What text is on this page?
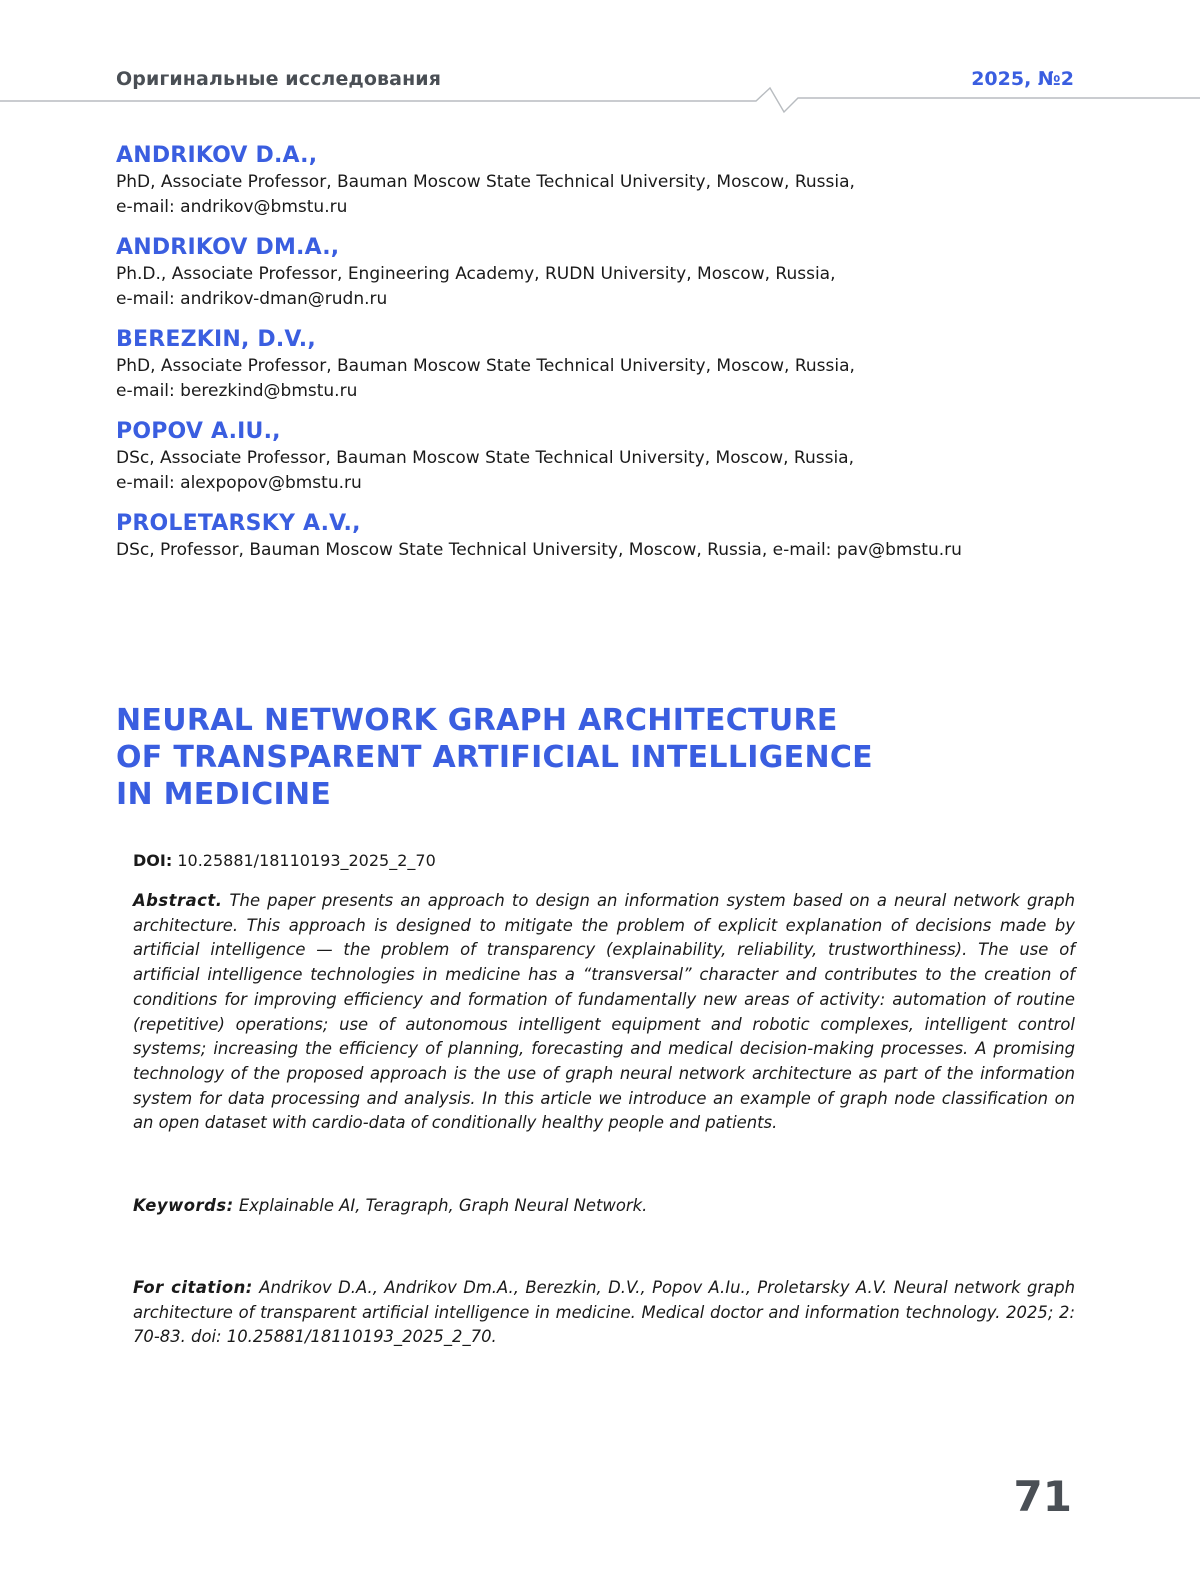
Оригинальные исследования	2025, №2
ANDRIKOV D.A.,
PhD, Associate Professor, Bauman Moscow State Technical University, Moscow, Russia,
e-mail: andrikov@bmstu.ru
ANDRIKOV DM.A.,
Ph.D., Associate Professor, Engineering Academy, RUDN University, Moscow, Russia,
e-mail: andrikov-dman@rudn.ru
BEREZKIN, D.V.,
PhD, Associate Professor, Bauman Moscow State Technical University, Moscow, Russia,
e-mail: berezkind@bmstu.ru
POPOV A.IU.,
DSc, Associate Professor, Bauman Moscow State Technical University, Moscow, Russia,
e-mail: alexpopov@bmstu.ru
PROLETARSKY A.V.,
DSc, Professor, Bauman Moscow State Technical University, Moscow, Russia, e-mail: pav@bmstu.ru
NEURAL NETWORK GRAPH ARCHITECTURE
OF TRANSPARENT ARTIFICIAL INTELLIGENCE
IN MEDICINE
DOI: 10.25881/18110193_2025_2_70
Abstract. The paper presents an approach to design an information system based on a neural network graph architecture. This approach is designed to mitigate the problem of explicit explanation of decisions made by artificial intelligence — the problem of transparency (explainability, reliability, trustworthiness). The use of artificial intelligence technologies in medicine has a “transversal” character and contributes to the creation of conditions for improving efficiency and formation of fundamentally new areas of activity: automation of routine (repetitive) operations; use of autonomous intelligent equipment and robotic complexes, intelligent control systems; increasing the efficiency of planning, forecasting and medical decision-making processes. A promising technology of the proposed approach is the use of graph neural network architecture as part of the information system for data processing and analysis. In this article we introduce an example of graph node classification on an open dataset with cardio-data of conditionally healthy people and patients.
Keywords: Explainable AI, Teragraph, Graph Neural Network.
For citation: Andrikov D.A., Andrikov Dm.A., Berezkin, D.V., Popov A.Iu., Proletarsky A.V. Neural network graph architecture of transparent artificial intelligence in medicine. Medical doctor and information technology. 2025; 2: 70-83. doi: 10.25881/18110193_2025_2_70.
71
